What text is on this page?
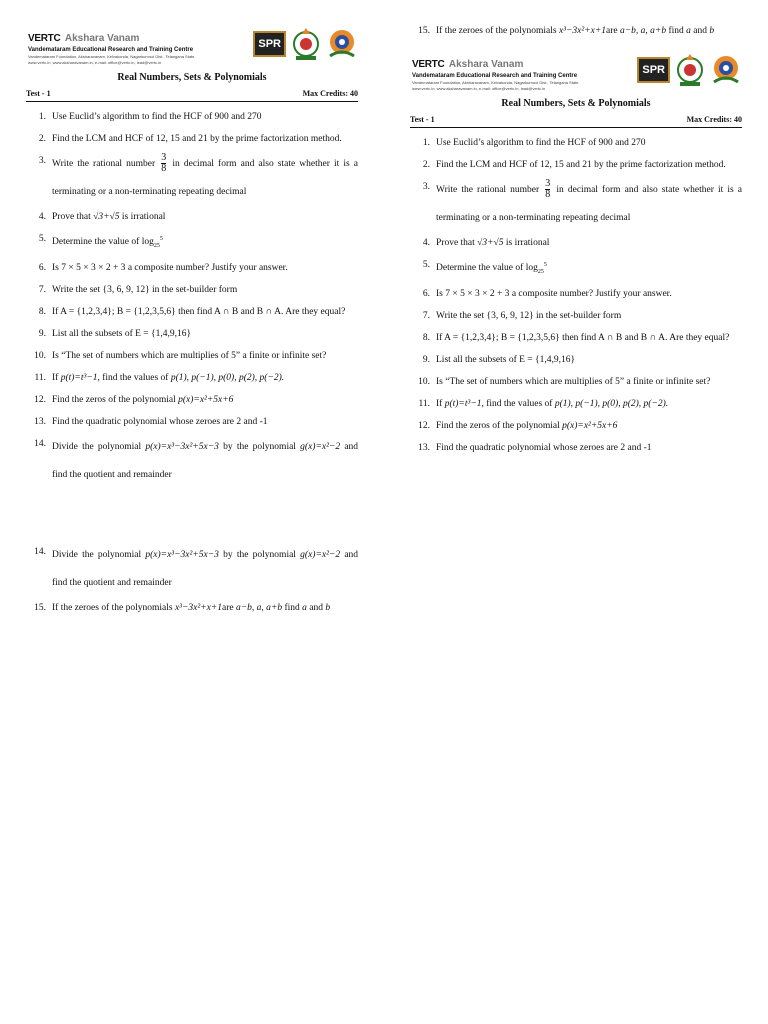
VERTC Akshara Vanam
Vandemataram Educational Research and Training Centre
Vandemataram Foundation, Aksharavanam, Kelvakonda, Nagarkurnool Dist., Telangana State.
www.vertc.in, www.aksharavanam.in, e-mail: office@vertc.in, lead@vertc.in
SPR
Real Numbers, Sets & Polynomials
Test - 1	Max Credits: 40
1. Use Euclid’s algorithm to find the HCF of 900 and 270
2. Find the LCM and HCF of 12, 15 and 21 by the prime factorization method.
3. Write the rational number $\frac{3}{8}$ in decimal form and also state whether it is a terminating or a non-terminating repeating decimal
4. Prove that √3+√5 is irrational
5. Determine the value of $\log_{25}^5$
6. Is 7 × 5 × 3 × 2 + 3 a composite number? Justify your answer.
7. Write the set {3, 6, 9, 12} in the set-builder form
8. If A = {1,2,3,4}; B = {1,2,3,5,6} then find A ∩ B and B ∩ A. Are they equal?
9. List all the subsets of E = {1,4,9,16}
10. Is “The set of numbers which are multiplies of 5” a finite or infinite set?
11. If p(t)=t³−1, find the values of p(1), p(−1), p(0), p(2), p(−2).
12. Find the zeros of the polynomial p(x)=x²+5x+6
13. Find the quadratic polynomial whose zeroes are 2 and -1
14. Divide the polynomial p(x)=x³−3x²+5x−3 by the polynomial g(x)=x²−2 and find the quotient and remainder
14. Divide the polynomial p(x)=x³−3x²+5x−3 by the polynomial g(x)=x²−2 and find the quotient and remainder
15. If the zeroes of the polynomials x³−3x²+x+1are a−b, a, a+b find a and b
15. If the zeroes of the polynomials x³−3x²+x+1are a−b, a, a+b find a and b
VERTC Akshara Vanam
Vandemataram Educational Research and Training Centre
Vandemataram Foundation, Aksharavanam, Kelvakonda, Nagarkurnool Dist., Telangana State.
www.vertc.in, www.aksharavanam.in, e-mail: office@vertc.in, lead@vertc.in
SPR
Real Numbers, Sets & Polynomials
Test - 1	Max Credits: 40
1. Use Euclid’s algorithm to find the HCF of 900 and 270
2. Find the LCM and HCF of 12, 15 and 21 by the prime factorization method.
3. Write the rational number $\frac{3}{8}$ in decimal form and also state whether it is a terminating or a non-terminating repeating decimal
4. Prove that √3+√5 is irrational
5. Determine the value of $\log_{25}^5$
6. Is 7 × 5 × 3 × 2 + 3 a composite number? Justify your answer.
7. Write the set {3, 6, 9, 12} in the set-builder form
8. If A = {1,2,3,4}; B = {1,2,3,5,6} then find A ∩ B and B ∩ A. Are they equal?
9. List all the subsets of E = {1,4,9,16}
10. Is “The set of numbers which are multiplies of 5” a finite or infinite set?
11. If p(t)=t³−1, find the values of p(1), p(−1), p(0), p(2), p(−2).
12. Find the zeros of the polynomial p(x)=x²+5x+6
13. Find the quadratic polynomial whose zeroes are 2 and -1
